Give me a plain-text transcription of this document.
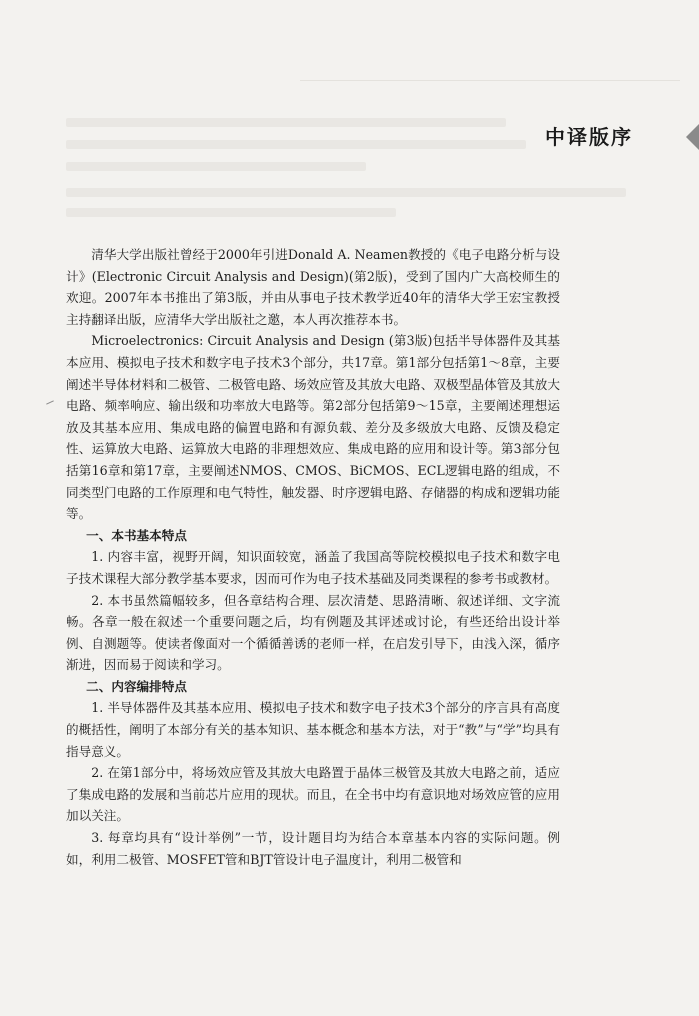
中译版序

清华大学出版社曾经于2000年引进Donald A. Neamen教授的《电子电路分析与设计》(Electronic Circuit Analysis and Design)(第2版)，受到了国内广大高校师生的欢迎。2007年本书推出了第3版，并由从事电子技术教学近40年的清华大学王宏宝教授主持翻译出版，应清华大学出版社之邀，本人再次推荐本书。

Microelectronics: Circuit Analysis and Design (第3版)包括半导体器件及其基本应用、模拟电子技术和数字电子技术3个部分，共17章。第1部分包括第1～8章，主要阐述半导体材料和二极管、二极管电路、场效应管及其放大电路、双极型晶体管及其放大电路、频率响应、输出级和功率放大电路等。第2部分包括第9～15章，主要阐述理想运放及其基本应用、集成电路的偏置电路和有源负载、差分及多级放大电路、反馈及稳定性、运算放大电路、运算放大电路的非理想效应、集成电路的应用和设计等。第3部分包括第16章和第17章，主要阐述NMOS、CMOS、BiCMOS、ECL逻辑电路的组成，不同类型门电路的工作原理和电气特性，触发器、时序逻辑电路、存储器的构成和逻辑功能等。

一、本书基本特点

1. 内容丰富，视野开阔，知识面较宽，涵盖了我国高等院校模拟电子技术和数字电子技术课程大部分教学基本要求，因而可作为电子技术基础及同类课程的参考书或教材。

2. 本书虽然篇幅较多，但各章结构合理、层次清楚、思路清晰、叙述详细、文字流畅。各章一般在叙述一个重要问题之后，均有例题及其评述或讨论，有些还给出设计举例、自测题等。使读者像面对一个循循善诱的老师一样，在启发引导下，由浅入深，循序渐进，因而易于阅读和学习。

二、内容编排特点

1. 半导体器件及其基本应用、模拟电子技术和数字电子技术3个部分的序言具有高度的概括性，阐明了本部分有关的基本知识、基本概念和基本方法，对于“教”与“学”均具有指导意义。

2. 在第1部分中，将场效应管及其放大电路置于晶体三极管及其放大电路之前，适应了集成电路的发展和当前芯片应用的现状。而且，在全书中均有意识地对场效应管的应用加以关注。

3. 每章均具有“设计举例”一节，设计题目均为结合本章基本内容的实际问题。例如，利用二极管、MOSFET管和BJT管设计电子温度计，利用二极管和
